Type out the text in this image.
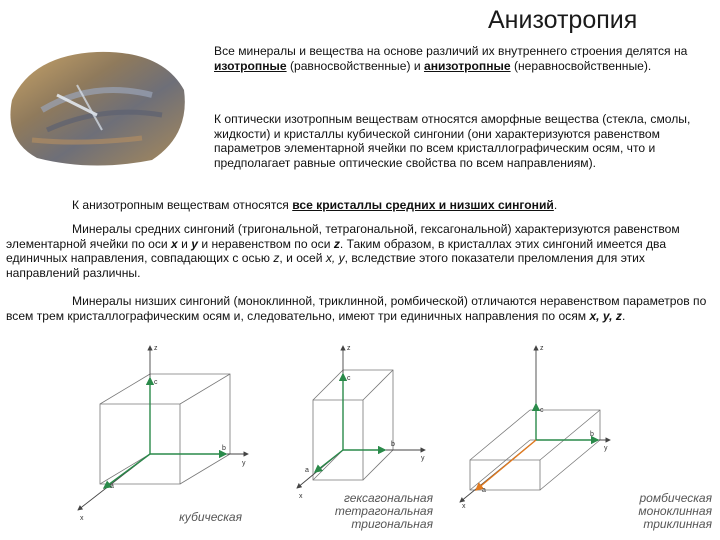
Анизотропия
Все минералы и вещества на основе различий их внутреннего строения делятся на изотропные (равносвойственные) и анизотропные (неравносвойственные).
К оптически изотропным веществам относятся аморфные вещества (стекла, смолы, жидкости) и кристаллы кубической сингонии (они характеризуются равенством параметров элементарной ячейки по всем кристаллографическим осям, что и предполагает равные оптические свойства по всем направлениям).
К анизотропным веществам относятся все кристаллы средних и низших сингоний.
Минералы средних сингоний (тригональной, тетрагональной, гексагональной) характеризуются равенством элементарной ячейки по оси x и y и неравенством по оси z. Таким образом, в кристаллах этих сингоний имеется два единичных направления, совпадающих с осью z, и осей x, y, вследствие этого показатели преломления для этих направлений различны.
Минералы низших сингоний (моноклинной, триклинной, ромбической) отличаются неравенством параметров по всем трем кристаллографическим осям и, следовательно, имеют три единичных направления по осям x, y, z.
z
y
x
c
b
a
кубическая
z
y
x
c
b
a
гексагональная
тетрагональная
тригональная
z
y
x
c
b
a
ромбическая
моноклинная
триклинная
